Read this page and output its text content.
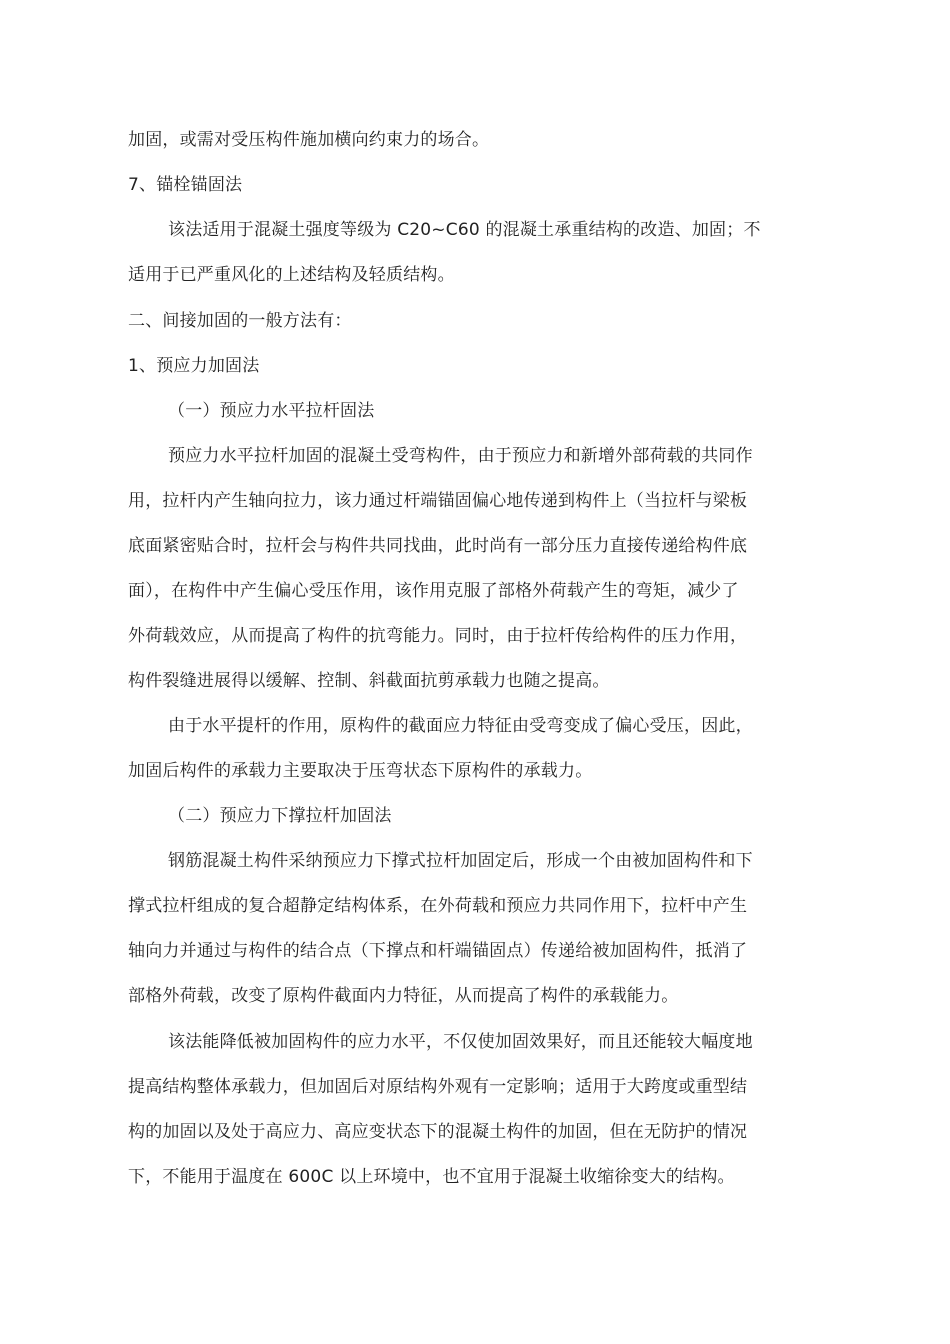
加固，或需对受压构件施加横向约束力的场合。
7、锚栓锚固法
该法适用于混凝土强度等级为 C20~C60 的混凝土承重结构的改造、加固；不
适用于已严重风化的上述结构及轻质结构。
二、间接加固的一般方法有：
1、预应力加固法
（一）预应力水平拉杆固法
预应力水平拉杆加固的混凝土受弯构件，由于预应力和新增外部荷载的共同作
用，拉杆内产生轴向拉力，该力通过杆端锚固偏心地传递到构件上（当拉杆与梁板
底面紧密贴合时，拉杆会与构件共同找曲，此时尚有一部分压力直接传递给构件底
面），在构件中产生偏心受压作用，该作用克服了部格外荷载产生的弯矩，减少了
外荷载效应，从而提高了构件的抗弯能力。同时，由于拉杆传给构件的压力作用，
构件裂缝进展得以缓解、控制、斜截面抗剪承载力也随之提高。
由于水平提杆的作用，原构件的截面应力特征由受弯变成了偏心受压，因此，
加固后构件的承载力主要取决于压弯状态下原构件的承载力。
（二）预应力下撑拉杆加固法
钢筋混凝土构件采纳预应力下撑式拉杆加固定后，形成一个由被加固构件和下
撑式拉杆组成的复合超静定结构体系，在外荷载和预应力共同作用下，拉杆中产生
轴向力并通过与构件的结合点（下撑点和杆端锚固点）传递给被加固构件，抵消了
部格外荷载，改变了原构件截面内力特征，从而提高了构件的承载能力。
该法能降低被加固构件的应力水平，不仅使加固效果好，而且还能较大幅度地
提高结构整体承载力，但加固后对原结构外观有一定影响；适用于大跨度或重型结
构的加固以及处于高应力、高应变状态下的混凝土构件的加固，但在无防护的情况
下，不能用于温度在 600C 以上环境中，也不宜用于混凝土收缩徐变大的结构。
